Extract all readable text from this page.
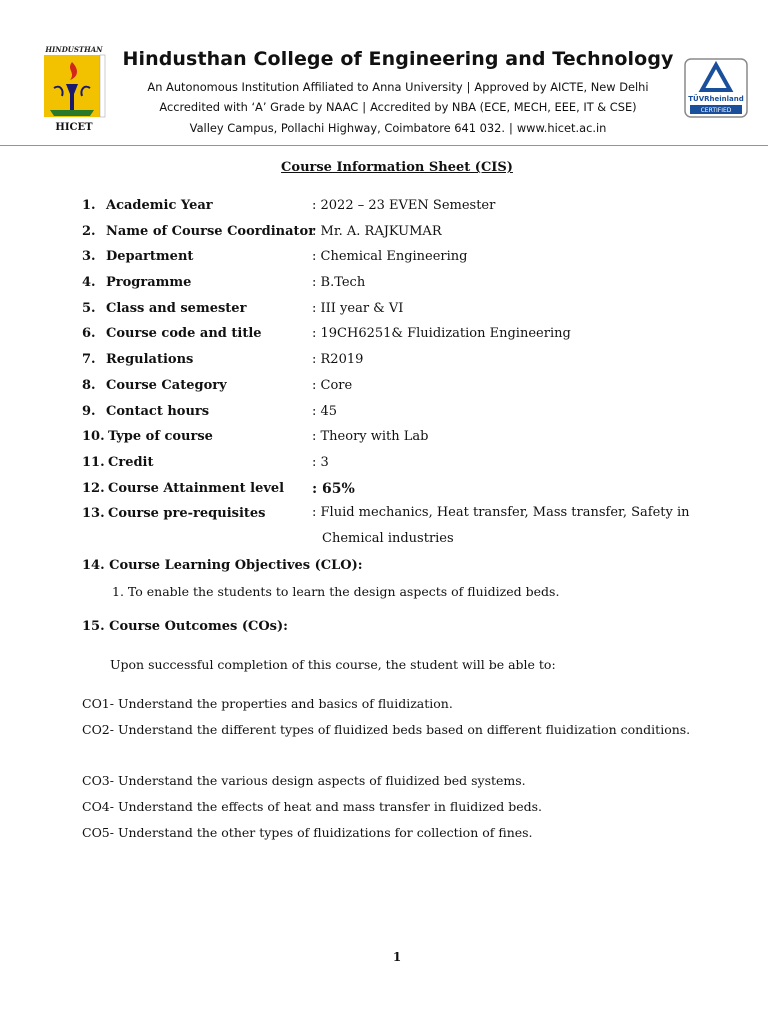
HINDUSTHAN
HICET
Hindusthan College of Engineering and Technology
An Autonomous Institution Affiliated to Anna University | Approved by AICTE, New Delhi
Accredited with ‘A’ Grade by NAAC | Accredited by NBA (ECE, MECH, EEE, IT & CSE)
Valley Campus, Pollachi Highway, Coimbatore 641 032. | www.hicet.ac.in
TÜVRheinland
CERTIFIED
Course Information Sheet (CIS)
1. Academic Year	: 2022 – 23 EVEN Semester
2. Name of Course Coordinator
: Mr. A. RAJKUMAR
3. Department	: Chemical Engineering
4. Programme	: B.Tech
5. Class and semester	: III year & VI
6. Course code and title	: 19CH6251& Fluidization Engineering
7. Regulations	: R2019
8. Course Category	: Core
9. Contact hours	: 45
10. Type of course	: Theory with Lab
11. Credit	: 3
12. Course Attainment level	: 65%
13. Course pre-requisites	: Fluid mechanics, Heat transfer, Mass transfer, Safety in
Chemical industries
14. Course Learning Objectives (CLO):
1. To enable the students to learn the design aspects of fluidized beds.
15. Course Outcomes (COs):
Upon successful completion of this course, the student will be able to:
CO1- Understand the properties and basics of fluidization.
CO2- Understand the different types of fluidized beds based on different fluidization conditions.
CO3- Understand the various design aspects of fluidized bed systems.
CO4- Understand the effects of heat and mass transfer in fluidized beds.
CO5- Understand the other types of fluidizations for collection of fines.
1
